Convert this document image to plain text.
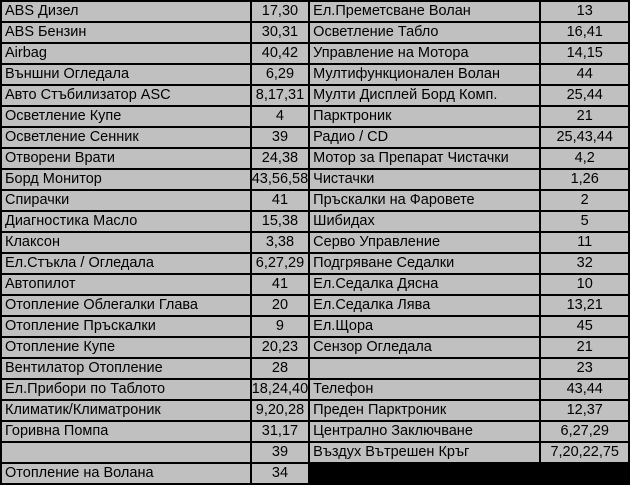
ABS Дизел	17,30	Ел.Преметсване Волан	13
ABS Бензин	30,31	Осветление Табло	16,41
Airbag	40,42	Управление на Мотора	14,15
Външни Огледала	6,29	Мултифункционален Волан	44
Авто Стъбилизатор ASC	8,17,31	Мулти Дисплей Борд Комп.	25,44
Осветление Купе	4	Парктроник	21
Осветление Сенник	39	Радио / CD	25,43,44
Отворени Врати	24,38	Мотор за Препарат Чистачки	4,2
Борд Монитор	43,56,58	Чистачки	1,26
Спирачки	41	Пръскалки на Фаровете	2
Диагностика Масло	15,38	Шибидах	5
Клаксон	3,38	Серво Управление	11
Ел.Стъкла / Огледала	6,27,29	Подгряване Седалки	32
Автопилот	41	Ел.Седалка Дясна	10
Отопление Облегалки Глава	20	Ел.Седалка Лява	13,21
Отопление Пръскалки	9	Ел.Щора	45
Отопление Купе	20,23	Сензор Огледала	21
Вентилатор Отопление	28		23
Ел.Прибори по Таблото	18,24,40	Телефон	43,44
Климатик/Климатроник	9,20,28	Преден Парктроник	12,37
Горивна Помпа	31,17	Централно Заключване	6,27,29
	39	Въздух Вътрешен Кръг	7,20,22,75
Отопление на Волана	34		
